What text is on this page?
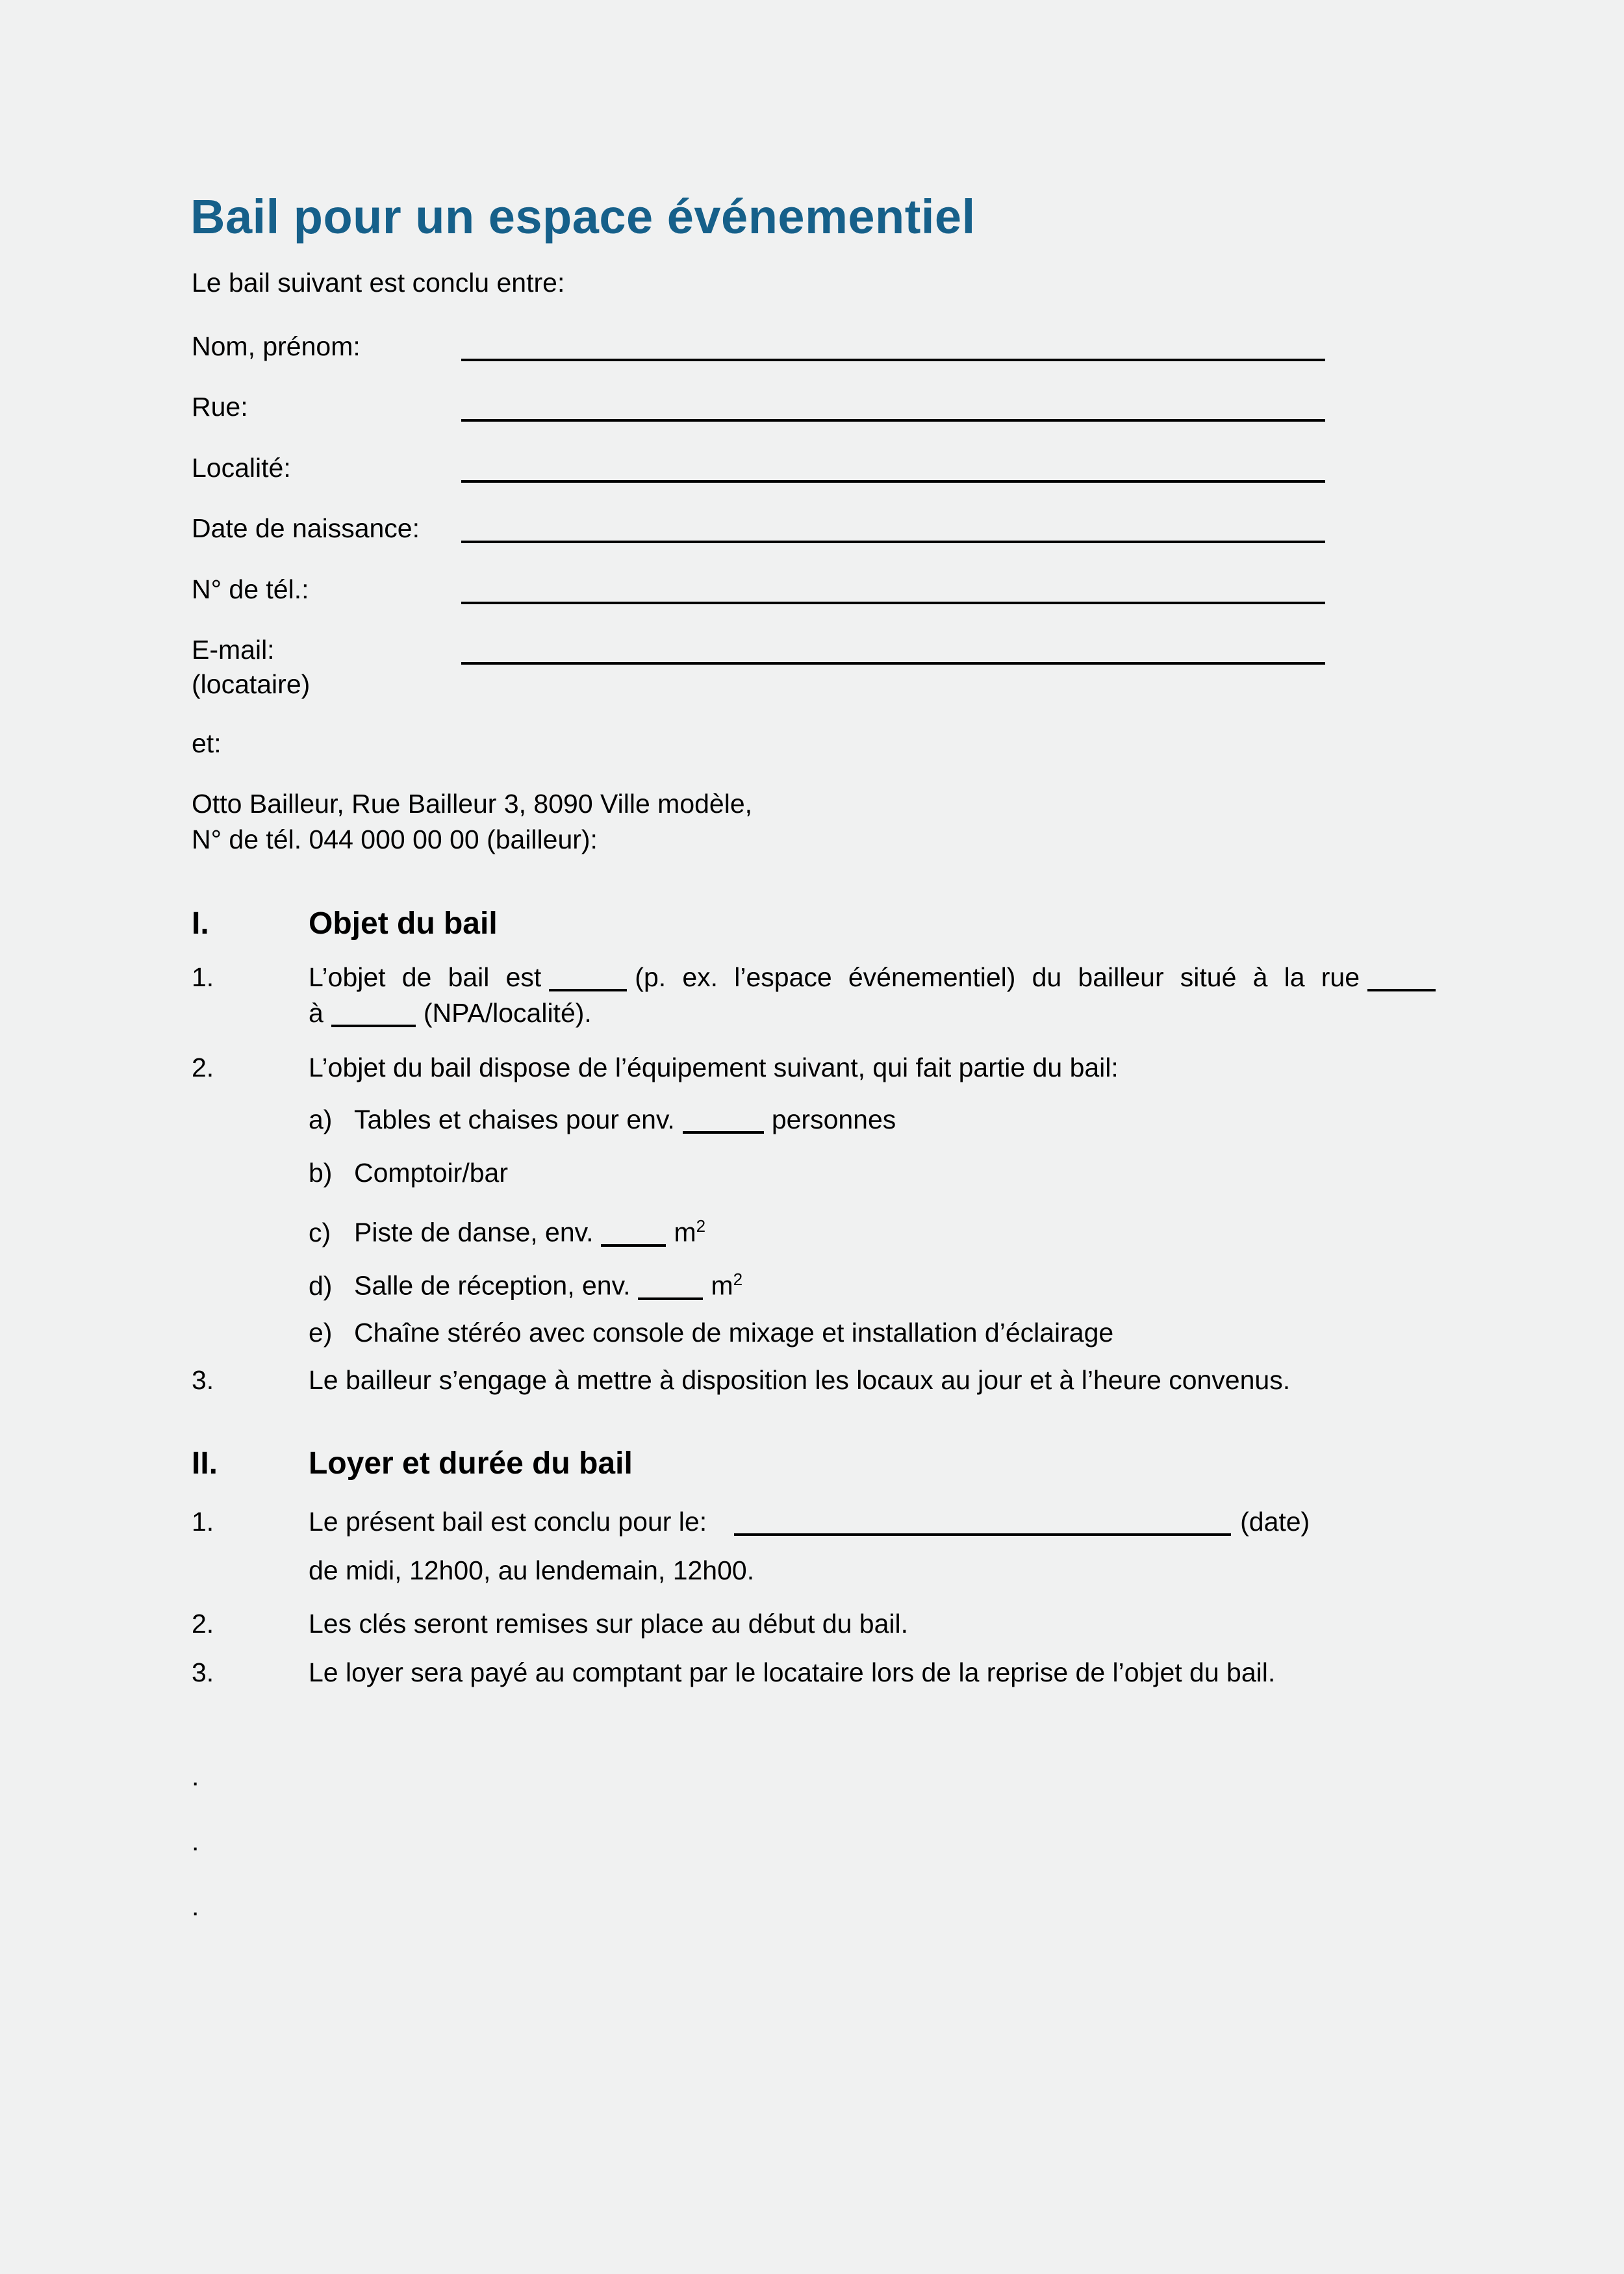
Bail pour un espace événementiel
Le bail suivant est conclu entre:
Nom, prénom:
Rue:
Localité:
Date de naissance:
N° de tél.:
E-mail:
(locataire)
et:
Otto Bailleur, Rue Bailleur 3, 8090 Ville modèle,
N° de tél. 044 000 00 00 (bailleur):
I.	Objet du bail
1.	L’objet de bail est	(p. ex. l’espace événementiel) du bailleur situé à la rue
à	(NPA/localité).
2.	L’objet du bail dispose de l’équipement suivant, qui fait partie du bail:
a) Tables et chaises pour env.	personnes
b) Comptoir/bar
c) Piste de danse, env.	$m^2$
d) Salle de réception, env.	$m^2$
e) Chaîne stéréo avec console de mixage et installation d’éclairage
3.	Le bailleur s’engage à mettre à disposition les locaux au jour et à l’heure convenus.
II.	Loyer et durée du bail
1.	Le présent bail est conclu pour le:	(date)
de midi, 12h00, au lendemain, 12h00.
2.	Les clés seront remises sur place au début du bail.
3.	Le loyer sera payé au comptant par le locataire lors de la reprise de l’objet du bail.
.
.
.
